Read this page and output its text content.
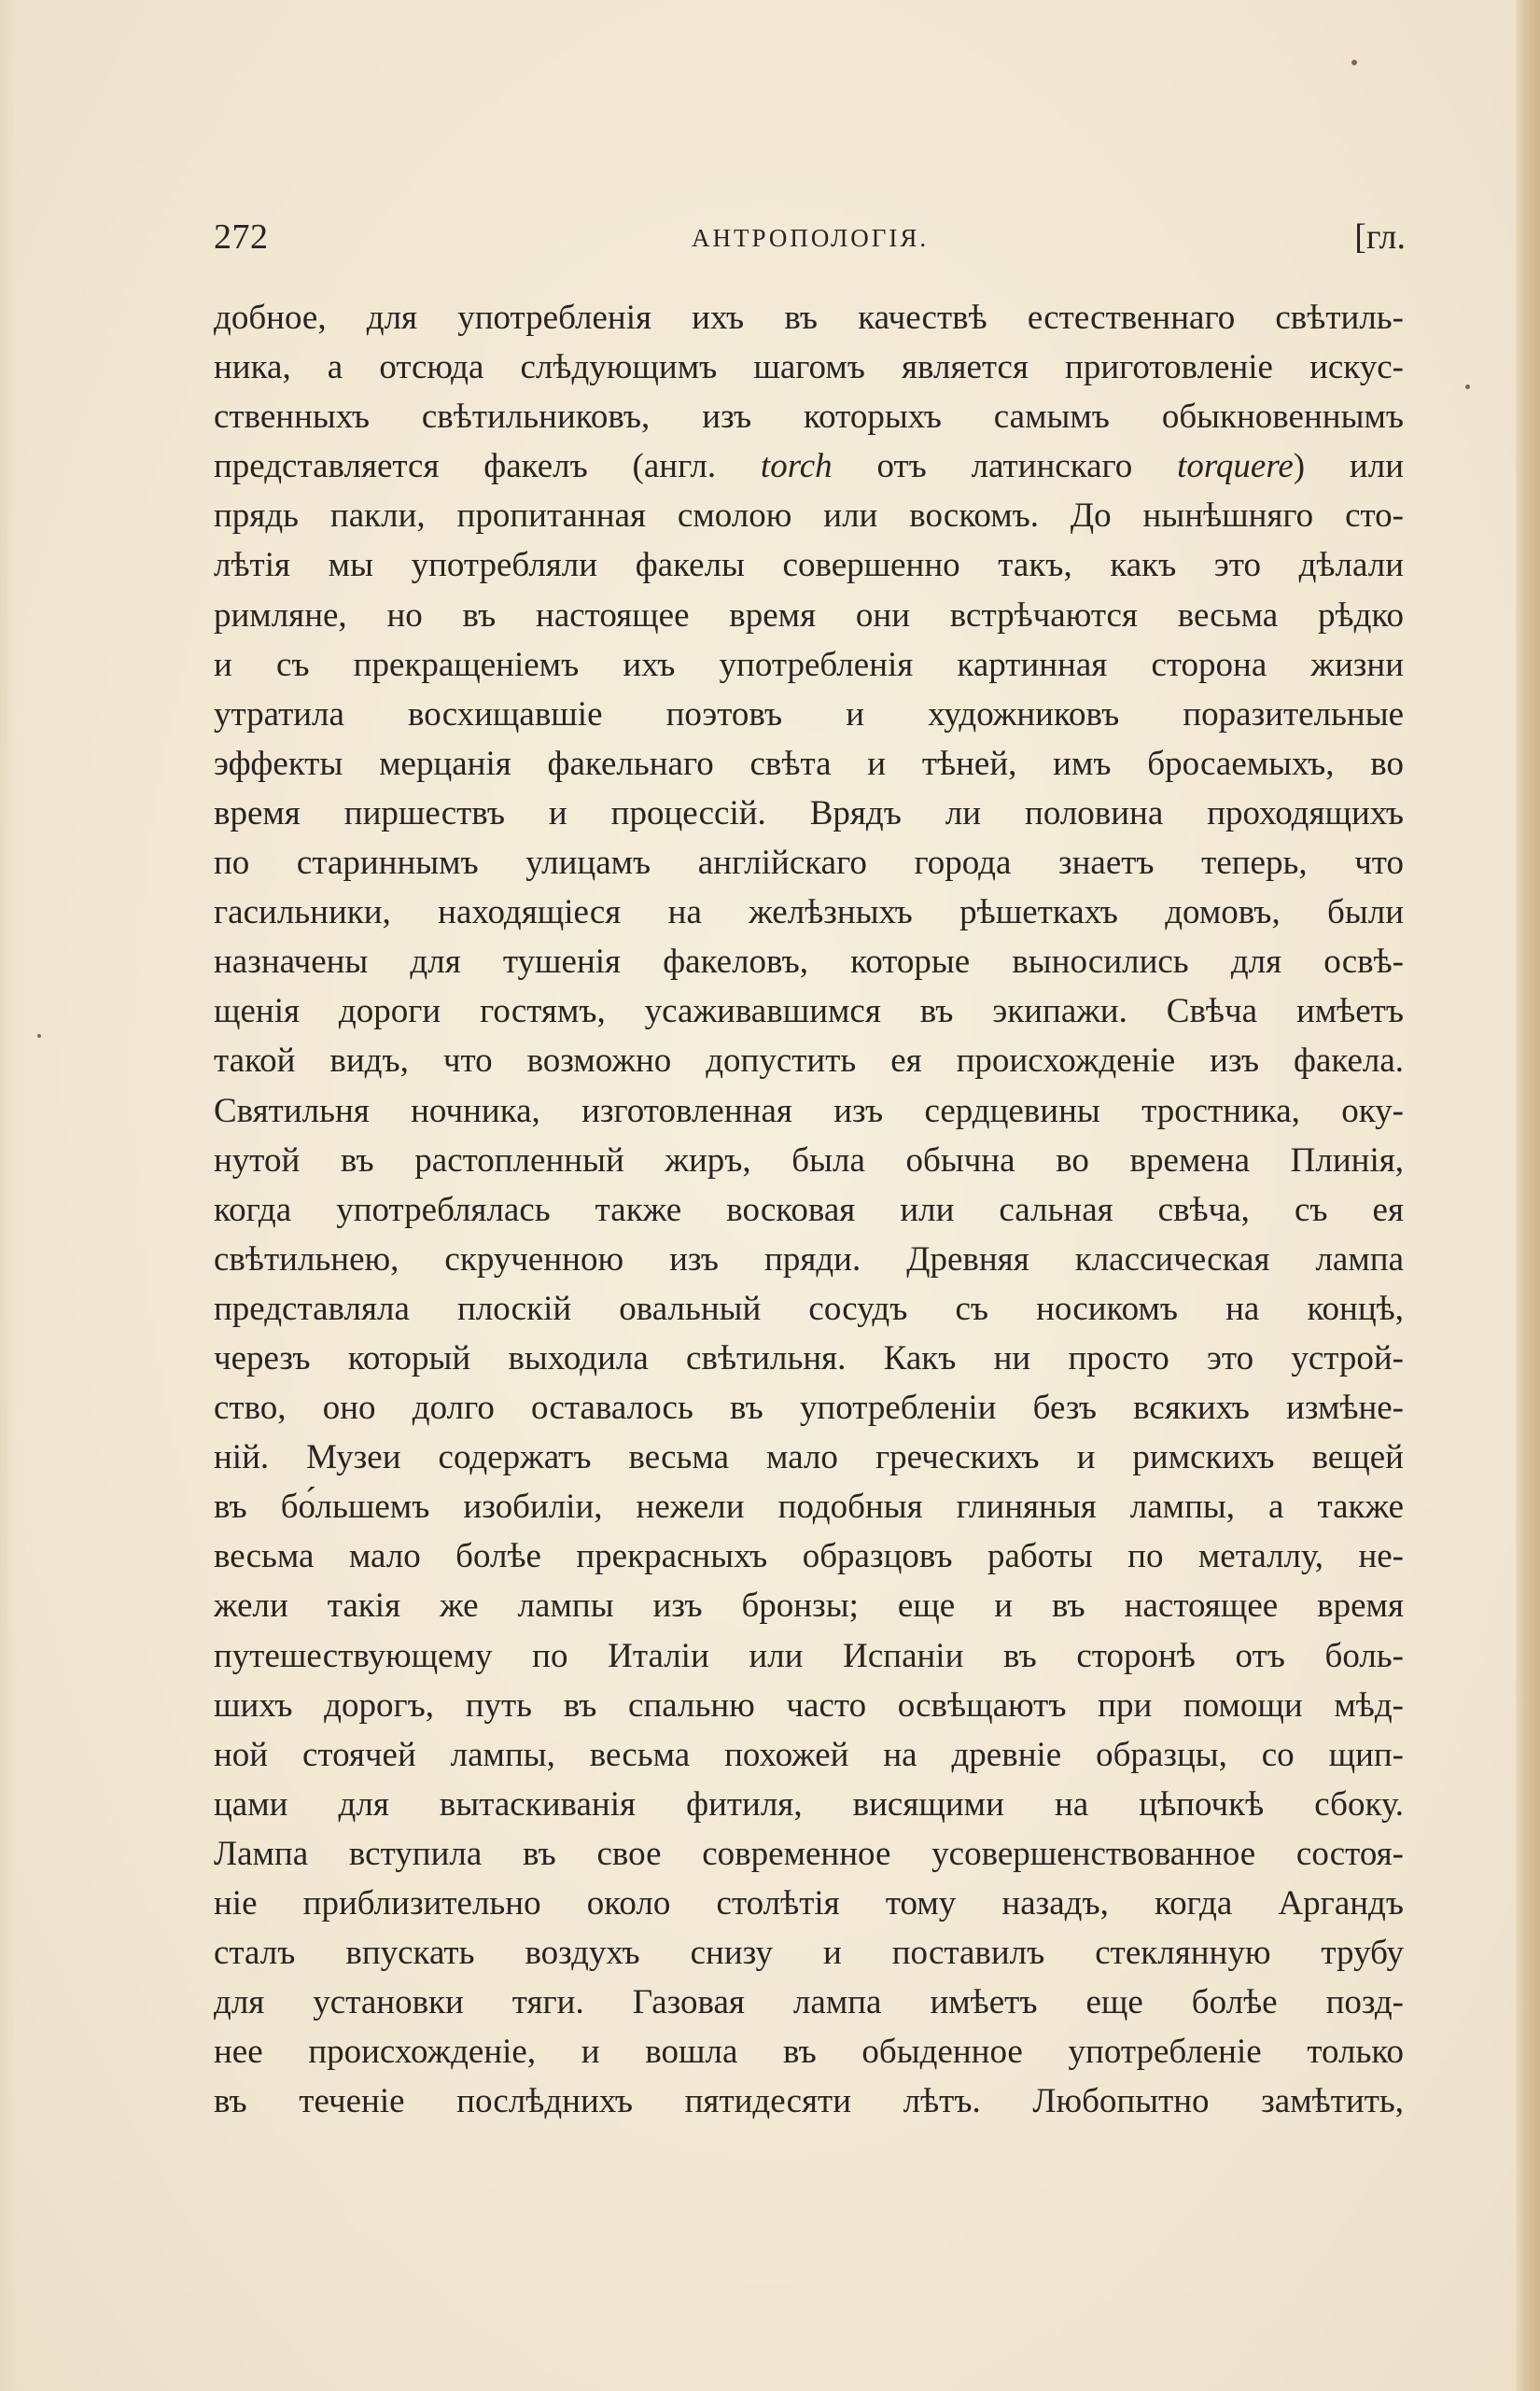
272	АНТРОПОЛОГІЯ.	[гл.
добное, для употребленія ихъ въ качествѣ естественнаго свѣтиль-
ника, а отсюда слѣдующимъ шагомъ является приготовленіе искус-
ственныхъ свѣтильниковъ, изъ которыхъ самымъ обыкновеннымъ
представляется факелъ (англ. torch отъ латинскаго torquere) или
прядь пакли, пропитанная смолою или воскомъ. До нынѣшняго сто-
лѣтія мы употребляли факелы совершенно такъ, какъ это дѣлали
римляне, но въ настоящее время они встрѣчаются весьма рѣдко
и съ прекращеніемъ ихъ употребленія картинная сторона жизни
утратила восхищавшіе поэтовъ и художниковъ поразительные
эффекты мерцанія факельнаго свѣта и тѣней, имъ бросаемыхъ, во
время пиршествъ и процессій. Врядъ ли половина проходящихъ
по стариннымъ улицамъ англійскаго города знаетъ теперь, что
гасильники, находящіеся на желѣзныхъ рѣшеткахъ домовъ, были
назначены для тушенія факеловъ, которые выносились для освѣ-
щенія дороги гостямъ, усаживавшимся въ экипажи. Свѣча имѣетъ
такой видъ, что возможно допустить ея происхожденіе изъ факела.
Святильня ночника, изготовленная изъ сердцевины тростника, оку-
нутой въ растопленный жиръ, была обычна во времена Плинія,
когда употреблялась также восковая или сальная свѣча, съ ея
свѣтильнею, скрученною изъ пряди. Древняя классическая лампа
представляла плоскій овальный сосудъ съ носикомъ на концѣ,
черезъ который выходила свѣтильня. Какъ ни просто это устрой-
ство, оно долго оставалось въ употребленіи безъ всякихъ измѣне-
ній. Музеи содержатъ весьма мало греческихъ и римскихъ вещей
въ бо́льшемъ изобиліи, нежели подобныя глиняныя лампы, а также
весьма мало болѣе прекрасныхъ образцовъ работы по металлу, не-
жели такія же лампы изъ бронзы; еще и въ настоящее время
путешествующему по Италіи или Испаніи въ сторонѣ отъ боль-
шихъ дорогъ, путь въ спальню часто освѣщаютъ при помощи мѣд-
ной стоячей лампы, весьма похожей на древніе образцы, со щип-
цами для вытаскиванія фитиля, висящими на цѣпочкѣ сбоку.
Лампа вступила въ свое современное усовершенствованное состоя-
ніе приблизительно около столѣтія тому назадъ, когда Аргандъ
сталъ впускать воздухъ снизу и поставилъ стеклянную трубу
для установки тяги. Газовая лампа имѣетъ еще болѣе позд-
нее происхожденіе, и вошла въ обыденное употребленіе только
въ теченіе послѣднихъ пятидесяти лѣтъ. Любопытно замѣтить,
